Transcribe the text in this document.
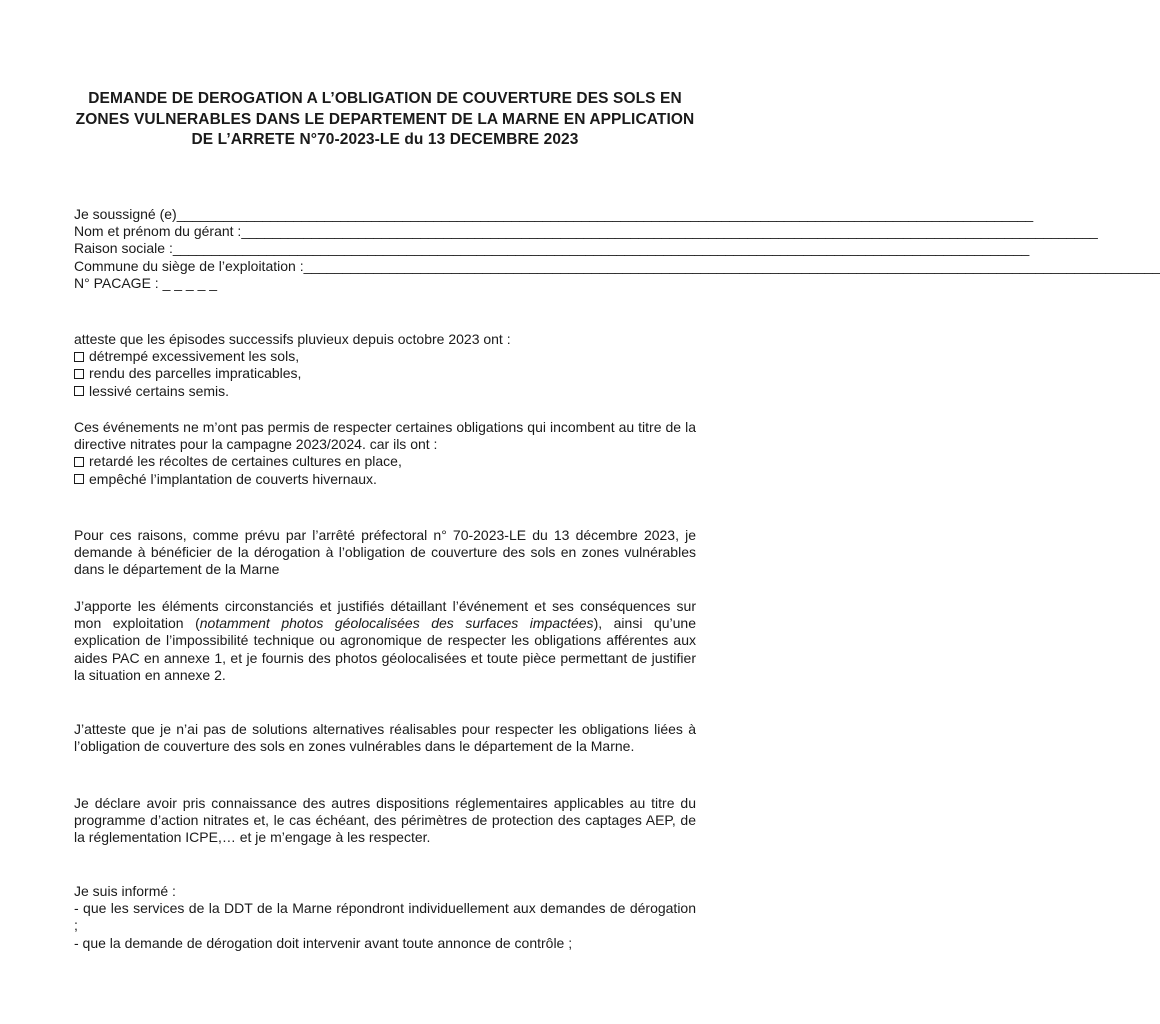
DEMANDE DE DEROGATION A L’OBLIGATION DE COUVERTURE DES SOLS EN ZONES VULNERABLES DANS LE DEPARTEMENT DE LA MARNE EN APPLICATION DE L’ARRETE N°70-2023-LE du 13 DECEMBRE 2023
Je soussigné (e) ______________________________________________________________________________________________________________
Nom et prénom du gérant : ______________________________________________________________________________________________________________
Raison sociale : ______________________________________________________________________________________________________________
Commune du siège de l’exploitation : ______________________________________________________________________________________________________________
N° PACAGE : _ _ _ _ _
atteste que les épisodes successifs pluvieux depuis octobre 2023 ont :
détrempé excessivement les sols,
rendu des parcelles impraticables,
lessivé certains semis.
Ces événements ne m’ont pas permis de respecter certaines obligations qui incombent au titre de la directive nitrates pour la campagne 2023/2024. car ils ont :
retardé les récoltes de certaines cultures en place,
empêché l’implantation de couverts hivernaux.
Pour ces raisons, comme prévu par l’arrêté préfectoral n° 70-2023-LE du 13 décembre 2023, je demande à bénéficier de la dérogation à l’obligation de couverture des sols en zones vulnérables dans le département de la Marne
J’apporte les éléments circonstanciés et justifiés détaillant l’événement et ses conséquences sur mon exploitation (notamment photos géolocalisées des surfaces impactées), ainsi qu’une explication de l’impossibilité technique ou agronomique de respecter les obligations afférentes aux aides PAC en annexe 1, et je fournis des photos géolocalisées et toute pièce permettant de justifier la situation en annexe 2.
J’atteste que je n’ai pas de solutions alternatives réalisables pour respecter les obligations liées à l’obligation de couverture des sols en zones vulnérables dans le département de la Marne.
Je déclare avoir pris connaissance des autres dispositions réglementaires applicables au titre du programme d’action nitrates et, le cas échéant, des périmètres de protection des captages AEP, de la réglementation ICPE,… et je m’engage à les respecter.
Je suis informé :
- que les services de la DDT de la Marne répondront individuellement aux demandes de dérogation ;
- que la demande de dérogation doit intervenir avant toute annonce de contrôle ;
